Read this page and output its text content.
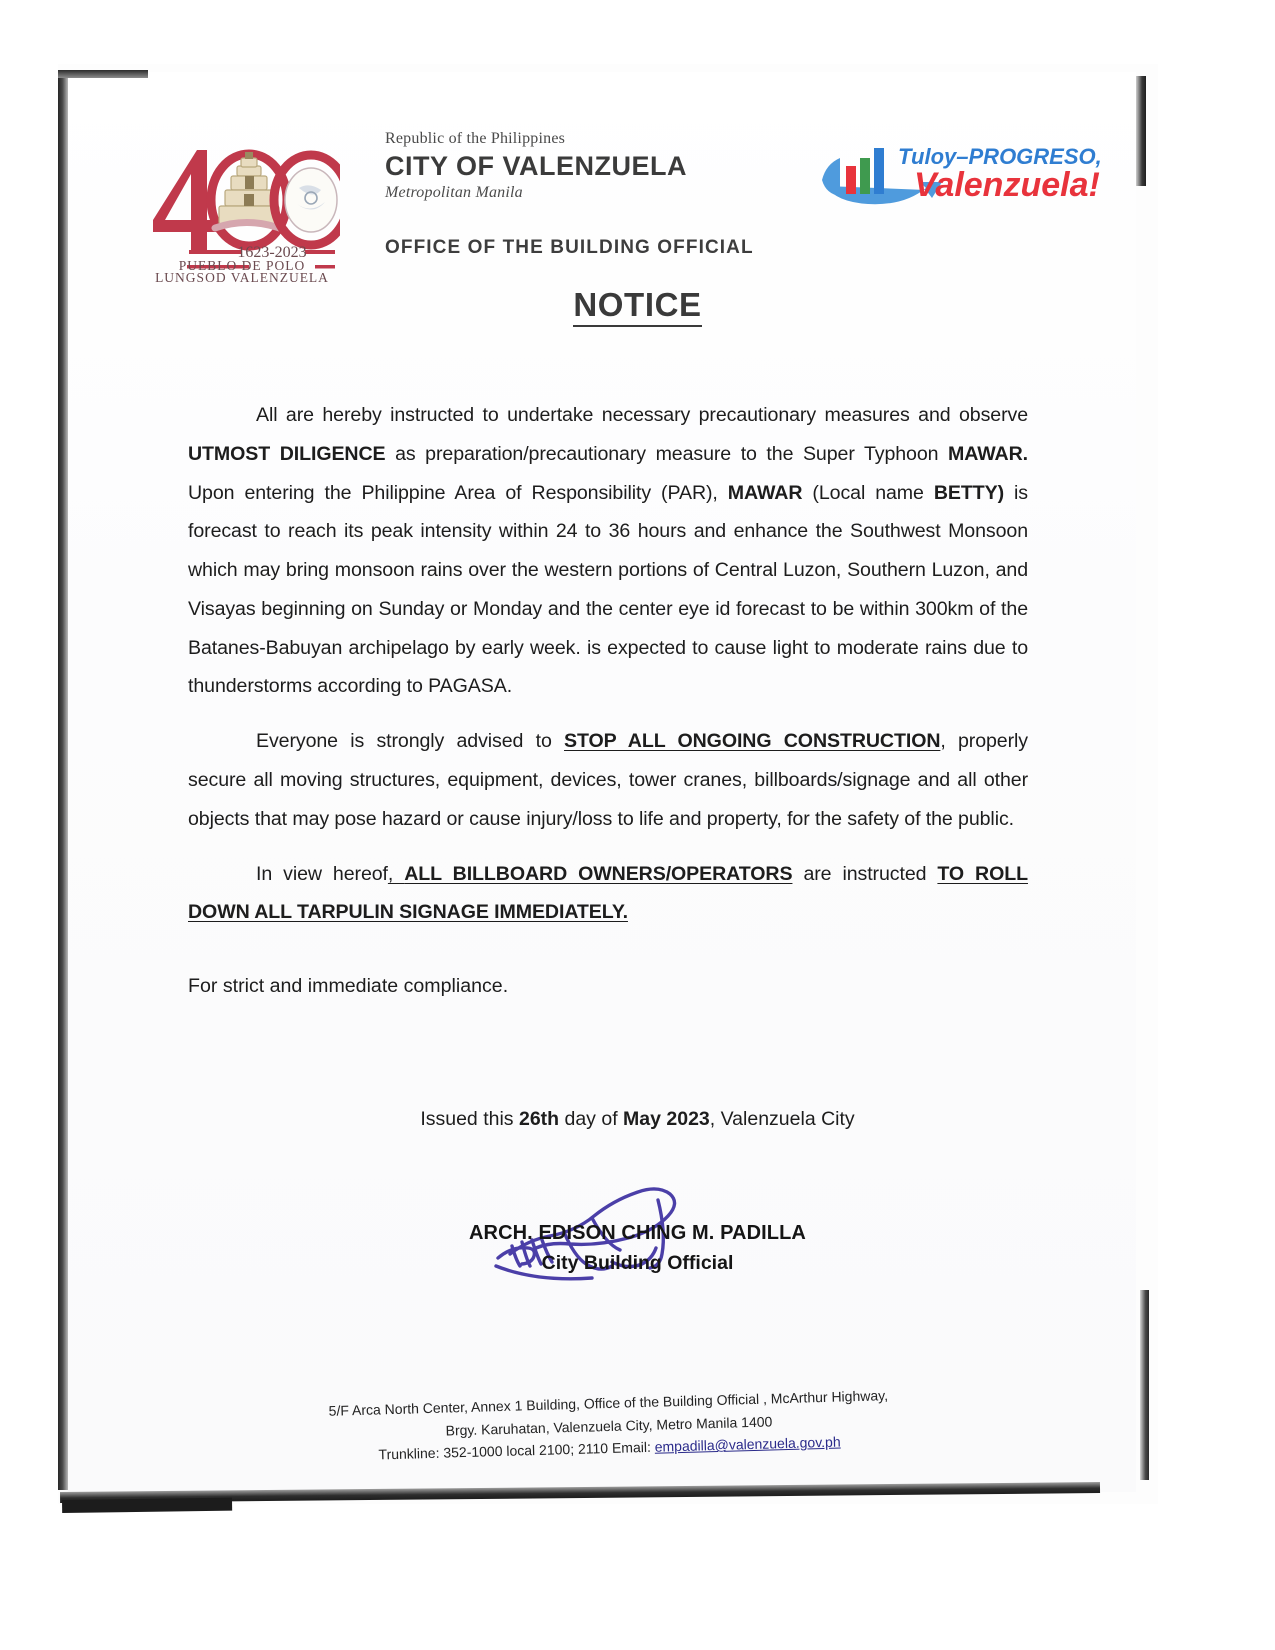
1623-2023
PUEBLO DE POLO
LUNGSOD VALENZUELA
Republic of the Philippines
CITY OF VALENZUELA
Metropolitan Manila
OFFICE OF THE BUILDING OFFICIAL
Tuloy–PROGRESO,
Valenzuela!
NOTICE

All are hereby instructed to undertake necessary precautionary measures and observe UTMOST DILIGENCE as preparation/precautionary measure to the Super Typhoon MAWAR. Upon entering the Philippine Area of Responsibility (PAR), MAWAR (Local name BETTY) is forecast to reach its peak intensity within 24 to 36 hours and enhance the Southwest Monsoon which may bring monsoon rains over the western portions of Central Luzon, Southern Luzon, and Visayas beginning on Sunday or Monday and the center eye id forecast to be within 300km of the Batanes-Babuyan archipelago by early week. is expected to cause light to moderate rains due to thunderstorms according to PAGASA.

Everyone is strongly advised to STOP ALL ONGOING CONSTRUCTION, properly secure all moving structures, equipment, devices, tower cranes, billboards/signage and all other objects that may pose hazard or cause injury/loss to life and property, for the safety of the public.

In view hereof, ALL BILLBOARD OWNERS/OPERATORS are instructed TO ROLL DOWN ALL TARPULIN SIGNAGE IMMEDIATELY.

For strict and immediate compliance.

Issued this 26th day of May 2023, Valenzuela City
ARCH. EDISON CHING M. PADILLA
City Building Official
5/F Arca North Center, Annex 1 Building, Office of the Building Official , McArthur Highway,
Brgy. Karuhatan, Valenzuela City, Metro Manila 1400
Trunkline: 352-1000 local 2100; 2110 Email: empadilla@valenzuela.gov.ph
